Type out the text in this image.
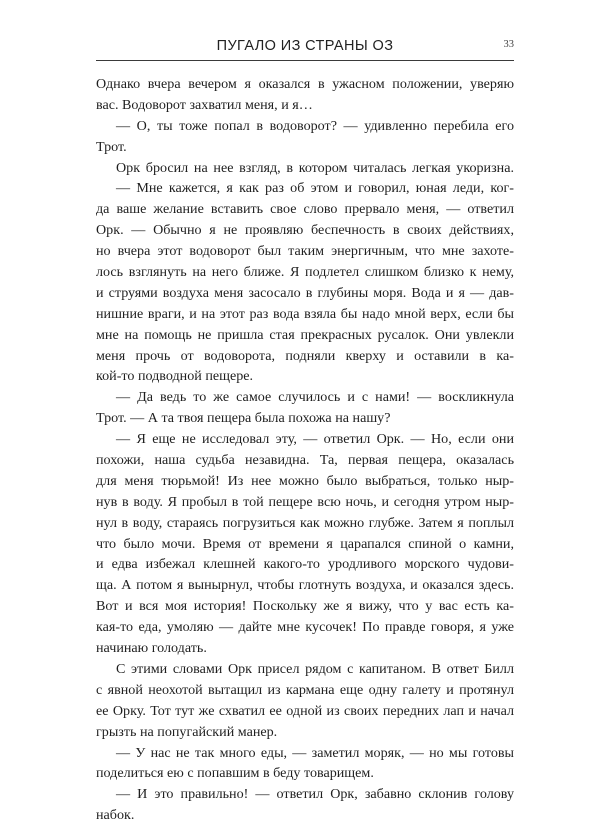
ПУГАЛО ИЗ СТРАНЫ ОЗ	33
Однако вчера вечером я оказался в ужасном положении, уверяю
вас. Водоворот захватил меня, и я…
— О, ты тоже попал в водоворот? — удивленно перебила его
Трот.
Орк бросил на нее взгляд, в котором читалась легкая укоризна.
— Мне кажется, я как раз об этом и говорил, юная леди, ког-
да ваше желание вставить свое слово прервало меня, — ответил
Орк. — Обычно я не проявляю беспечность в своих действиях,
но вчера этот водоворот был таким энергичным, что мне захоте-
лось взглянуть на него ближе. Я подлетел слишком близко к нему,
и струями воздуха меня засосало в глубины моря. Вода и я — дав-
нишние враги, и на этот раз вода взяла бы надо мной верх, если бы
мне на помощь не пришла стая прекрасных русалок. Они увлекли
меня прочь от водоворота, подняли кверху и оставили в ка-
кой-то подводной пещере.
— Да ведь то же самое случилось и с нами! — воскликнула
Трот. — А та твоя пещера была похожа на нашу?
— Я еще не исследовал эту, — ответил Орк. — Но, если они
похожи, наша судьба незавидна. Та, первая пещера, оказалась
для меня тюрьмой! Из нее можно было выбраться, только ныр-
нув в воду. Я пробыл в той пещере всю ночь, и сегодня утром ныр-
нул в воду, стараясь погрузиться как можно глубже. Затем я поплыл
что было мочи. Время от времени я царапался спиной о камни,
и едва избежал клешней какого-то уродливого морского чудови-
ща. А потом я вынырнул, чтобы глотнуть воздуха, и оказался здесь.
Вот и вся моя история! Поскольку же я вижу, что у вас есть ка-
кая-то еда, умоляю — дайте мне кусочек! По правде говоря, я уже
начинаю голодать.
С этими словами Орк присел рядом с капитаном. В ответ Билл
с явной неохотой вытащил из кармана еще одну галету и протянул
ее Орку. Тот тут же схватил ее одной из своих передних лап и начал
грызть на попугайский манер.
— У нас не так много еды, — заметил моряк, — но мы готовы
поделиться ею с попавшим в беду товарищем.
— И это правильно! — ответил Орк, забавно склонив голову
набок.
